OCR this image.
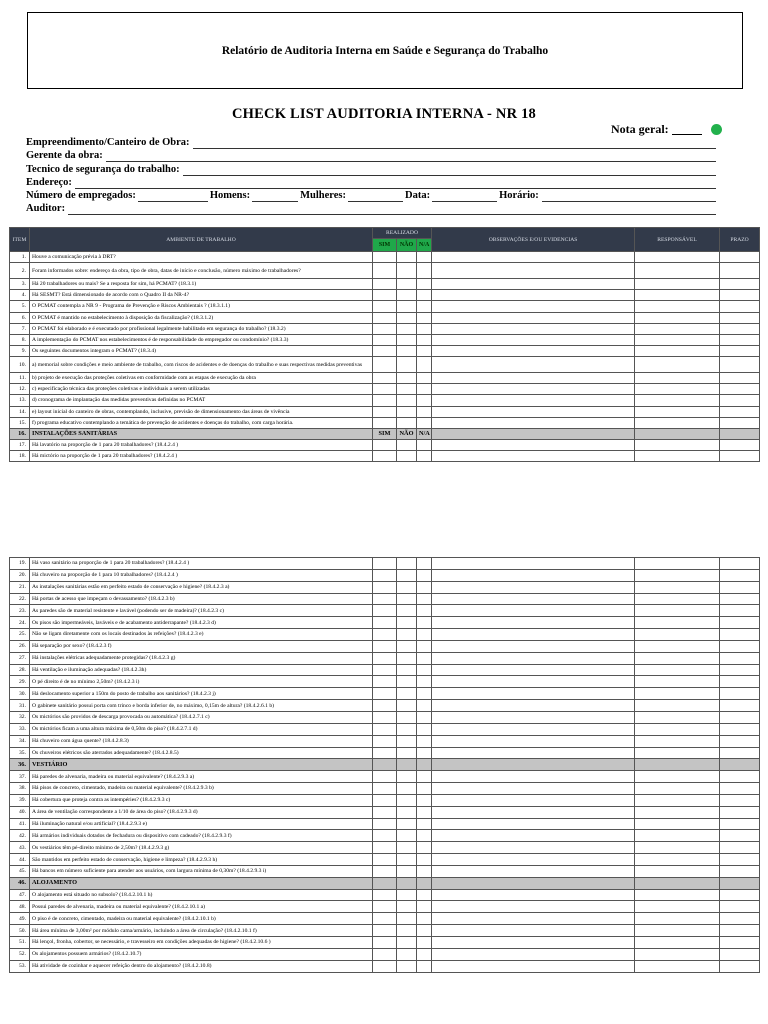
Relatório de Auditoria Interna em Saúde e Segurança do Trabalho
CHECK LIST AUDITORIA INTERNA - NR 18
Nota geral:
Empreendimento/Canteiro de Obra:
Gerente da obra:
Tecnico de segurança do trabalho:
Endereço:
Número de empregados:	Homens:	Mulheres:	Data:	Horário:
Auditor:
ITEM	AMBIENTE DE TRABALHO	REALIZADO			OBSERVAÇÕES E/OU EVIDENCIAS	RESPONSÁVEL	PRAZO
		SIM	NÃO	N/A			
1.	Houve a comunicação prévia à DRT?						
2.	Foram informados sobre: endereço da obra, tipo de obra, datas de início e conclusão, número máximo de trabalhadores?						
3.	Há 20 trabalhadores ou mais? Se a resposta for sim, há PCMAT? (18.3.1)						
4.	Há SESMT? Está dimensionado de acordo com o Quadro II da NR-4?						
5.	O PCMAT contempla a NR 9 - Programa de Prevenção e Riscos Ambientais ? (18.3.1.1)						
6.	O PCMAT é mantido no estabelecimento à disposição da fiscalização? (18.3.1.2)						
7.	O PCMAT foi elaborado e é executado por profissional legalmente habilitado em segurança do trabalho? (18.3.2)						
8.	A implementação do PCMAT nos estabelecimentos é de responsabilidade do empregador ou condomínio? (18.3.3)						
9.	Os seguintes documentos integram o PCMAT? (18.3.4)						
10.	a) memorial sobre condições e meio ambiente de trabalho, com riscos de acidentes e de doenças do trabalho e suas respectivas medidas preventivas						
11.	b) projeto de execução das proteções coletivas em conformidade com as etapas de execução da obra						
12.	c) especificação técnica das proteções coletivas e individuais a serem utilizadas						
13.	d) cronograma de implantação das medidas preventivas definidas no PCMAT						
14.	e) layout inicial do canteiro de obras, contemplando, inclusive, previsão de dimensionamento das áreas de vivência						
15.	f) programa educativo contemplando a temática de prevenção de acidentes e doenças do trabalho, com carga horária.						
16.	INSTALAÇÕES SANITÁRIAS	SIM	NÃO	N/A			
17.	Há lavatório na proporção de 1 para 20 trabalhadores? (18.4.2.4 )						
18.	Há mictório na proporção de 1 para 20 trabalhadores? (18.4.2.4 )						
19.	Há vaso sanitário na proporção de 1 para 20 trabalhadores? (18.4.2.4 )						
20.	Há chuveiro na proporção de 1 para 10 trabalhadores? (18.4.2.4 )						
21.	As instalações sanitárias estão em perfeito estado de conservação e higiene? (18.4.2.3 a)						
22.	Há portas de acesso que impeçam o devassamento? (18.4.2.3 b)						
23.	As paredes são de material resistente e lavável (podendo ser de madeira)? (18.4.2.3 c)						
24.	Os pisos são impermeáveis, laváveis e de acabamento antiderrapante? (18.4.2.3 d)						
25.	Não se ligam diretamente com os locais destinados às refeições? (18.4.2.3 e)						
26.	Há separação por sexo? (18.4.2.3 f)						
27.	Há instalações elétricas adequadamente protegidas? (18.4.2.3 g)						
28.	Há ventilação e iluminação adequadas? (18.4.2.3h)						
29.	O pé direito é de no mínimo 2,50m? (18.4.2.3 i)						
30.	Há deslocamento superior a 150m do posto de trabalho aos sanitários? (18.4.2.3 j)						
31.	O gabinete sanitário possui porta com trinco e borda inferior de, no máximo, 0,15m de altura? (18.4.2.6.1 b)						
32.	Os mictórios são providos de descarga provocada ou automática? (18.4.2.7.1 c)						
33.	Os mictórios ficam a uma altura máxima de 0,50m do piso? (18.4.2.7.1 d)						
34.	Há chuveiro com água quente? (18.4.2.8.3)						
35.	Os chuveiros elétricos são aterrados adequadamente? (18.4.2.8.5)						
36.	VESTIÁRIO						
37.	Há paredes de alvenaria, madeira ou material equivalente? (18.4.2.9.3 a)						
38.	Há pisos de concreto, cimentado, madeira ou material equivalente? (18.4.2.9.3 b)						
39.	Há cobertura que proteja contra as intempéries? (18.4.2.9.3 c)						
40.	A área de ventilação correspondente a 1/10 de área do piso? (18.4.2.9.3 d)						
41.	Há iluminação natural e/ou artificial? (18.4.2.9.3 e)						
42.	Há armários individuais dotados de fechadura ou dispositivo com cadeado? (18.4.2.9.3 f)						
43.	Os vestiários têm pé-direito mínimo de 2,50m? (18.4.2.9.3 g)						
44.	São mantidos em perfeito estado de conservação, higiene e limpeza? (18.4.2.9.3 h)						
45.	Há bancos em número suficiente para atender aos usuários, com largura mínima de 0,30m? (18.4.2.9.3 i)						
46.	ALOJAMENTO						
47.	O alojamento está situado no subsolo? (18.4.2.10.1 h)						
48.	Possui paredes de alvenaria, madeira ou material equivalente? (18.4.2.10.1 a)						
49.	O piso é de concreto, cimentado, madeira ou material equivalente? (18.4.2.10.1 b)						
50.	Há área mínima de 3,00m² por módulo cama/armário, incluindo a área de circulação? (18.4.2.10.1 f)						
51.	Há lençol, fronha, cobertor, se necessário, e travesseiro em condições adequadas de higiene? (18.4.2.10.6 )						
52.	Os alojamentos possuem armários? (18.4.2.10.7)						
53.	Há atividade de cozinhar e aquecer refeição dentro do alojamento? (18.4.2.10.8)						
